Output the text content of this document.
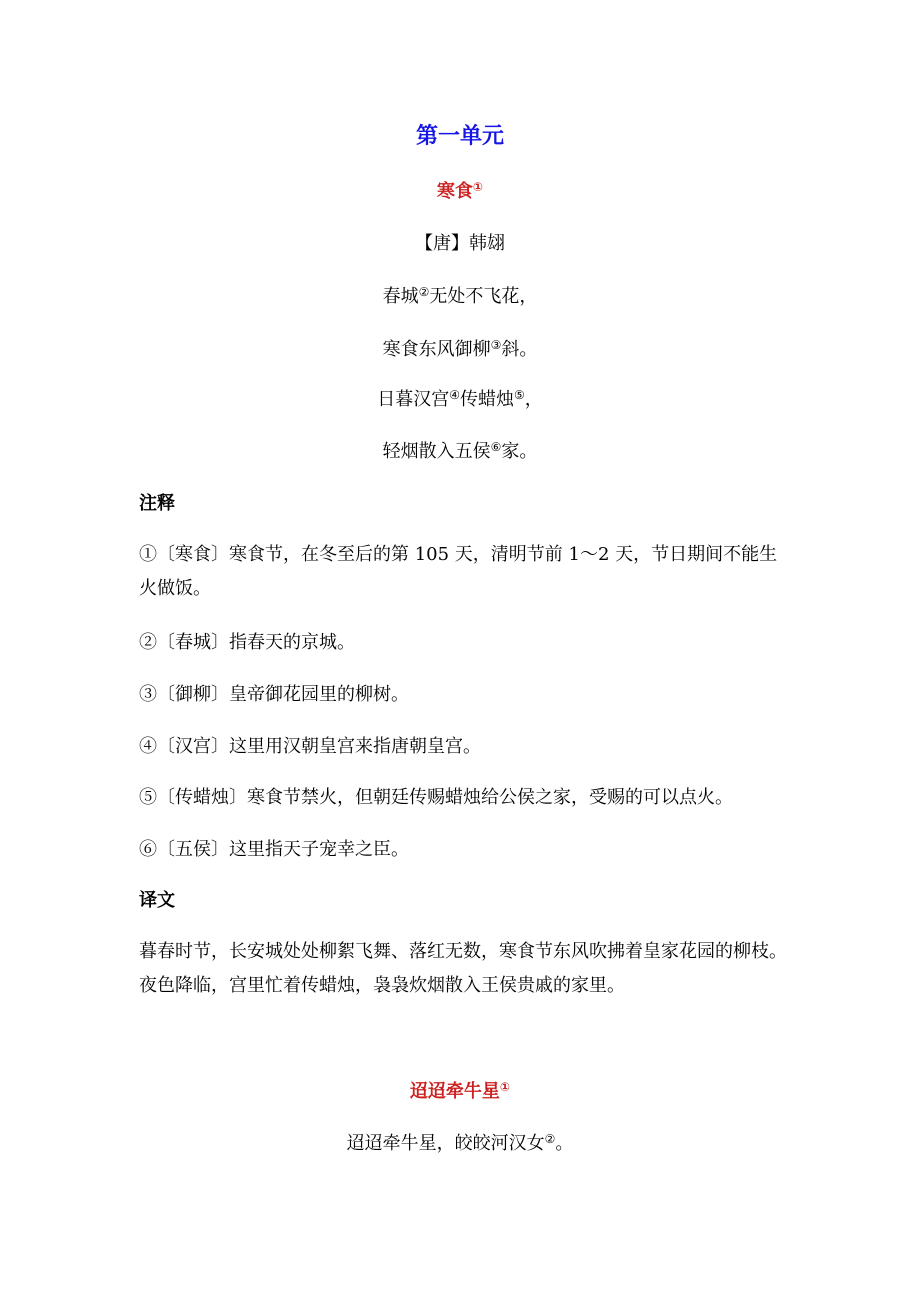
第一单元
寒食①
【唐】韩翃
春城②无处不飞花，
寒食东风御柳③斜。
日暮汉宫④传蜡烛⑤，
轻烟散入五侯⑥家。
注释
①〔寒食〕寒食节，在冬至后的第 105 天，清明节前 1～2 天，节日期间不能生火做饭。
②〔春城〕指春天的京城。
③〔御柳〕皇帝御花园里的柳树。
④〔汉宫〕这里用汉朝皇宫来指唐朝皇宫。
⑤〔传蜡烛〕寒食节禁火，但朝廷传赐蜡烛给公侯之家，受赐的可以点火。
⑥〔五侯〕这里指天子宠幸之臣。
译文
暮春时节，长安城处处柳絮飞舞、落红无数，寒食节东风吹拂着皇家花园的柳枝。夜色降临，宫里忙着传蜡烛，袅袅炊烟散入王侯贵戚的家里。
迢迢牵牛星①
迢迢牵牛星，皎皎河汉女②。
